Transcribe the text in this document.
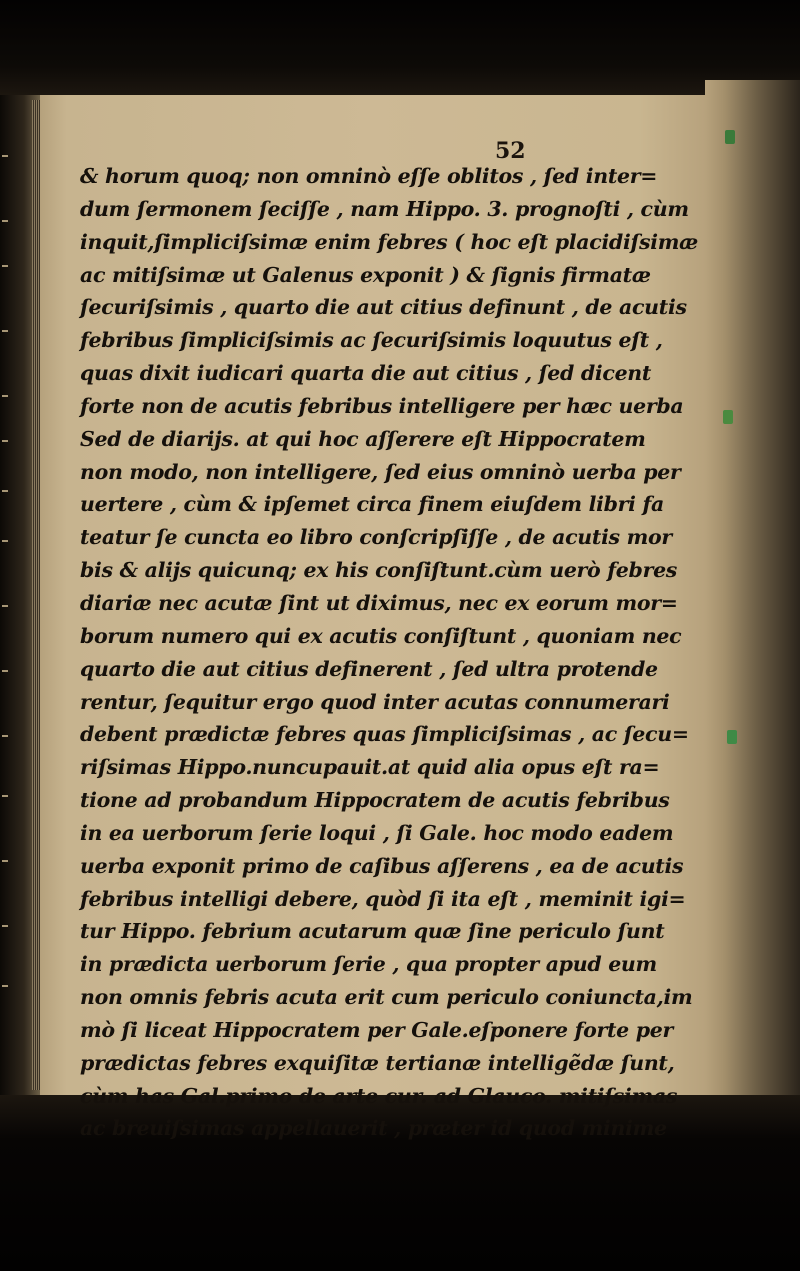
52
& horum quoq; non omninò eſſe oblitos , ſed inter=
dum ſermonem ſeciſſe , nam Hippo. 3. prognoſti , cùm
inquit,ſimpliciſsimæ enim febres ( hoc eſt placidiſsimæ
ac mitiſsimæ ut Galenus exponit ) & ſignis firmatæ
ſecuriſsimis , quarto die aut citius definunt , de acutis
febribus ſimpliciſsimis ac ſecuriſsimis loquutus eſt ,
quas dixit iudicari quarta die aut citius , ſed dicent
forte non de acutis febribus intelligere per hæc uerba
Sed de diarijs. at qui hoc aſſerere eſt Hippocratem
non modo, non intelligere, ſed eius omninò uerba per
uertere , cùm & ipſemet circa finem eiuſdem libri fa
teatur ſe cuncta eo libro conſcripſiſſe , de acutis mor
bis & alijs quicunq; ex his conſiſtunt.cùm uerò febres
diariæ nec acutæ ſint ut diximus, nec ex eorum mor=
borum numero qui ex acutis conſiſtunt , quoniam nec
quarto die aut citius definerent , ſed ultra protende
rentur, ſequitur ergo quod inter acutas connumerari
debent prædictæ febres quas ſimpliciſsimas , ac ſecu=
riſsimas Hippo.nuncupauit.at quid alia opus eſt ra=
tione ad probandum Hippocratem de acutis febribus
in ea uerborum ſerie loqui , ſi Gale. hoc modo eadem
uerba exponit primo de caſibus aſſerens , ea de acutis
febribus intelligi debere, quòd ſi ita eſt , meminit igi=
tur Hippo. febrium acutarum quæ ſine periculo ſunt
in prædicta uerborum ſerie , qua propter apud eum
non omnis febris acuta erit cum periculo coniuncta,im
mò ſi liceat Hippocratem per Gale.eſponere forte per
prædictas febres exquiſitæ tertianæ intelligẽdæ ſunt,
cùm has Gal.primo de arte cur. ad Glauco. mitiſsimas
ac breuiſsimas appellauerit , præter id quod minime
